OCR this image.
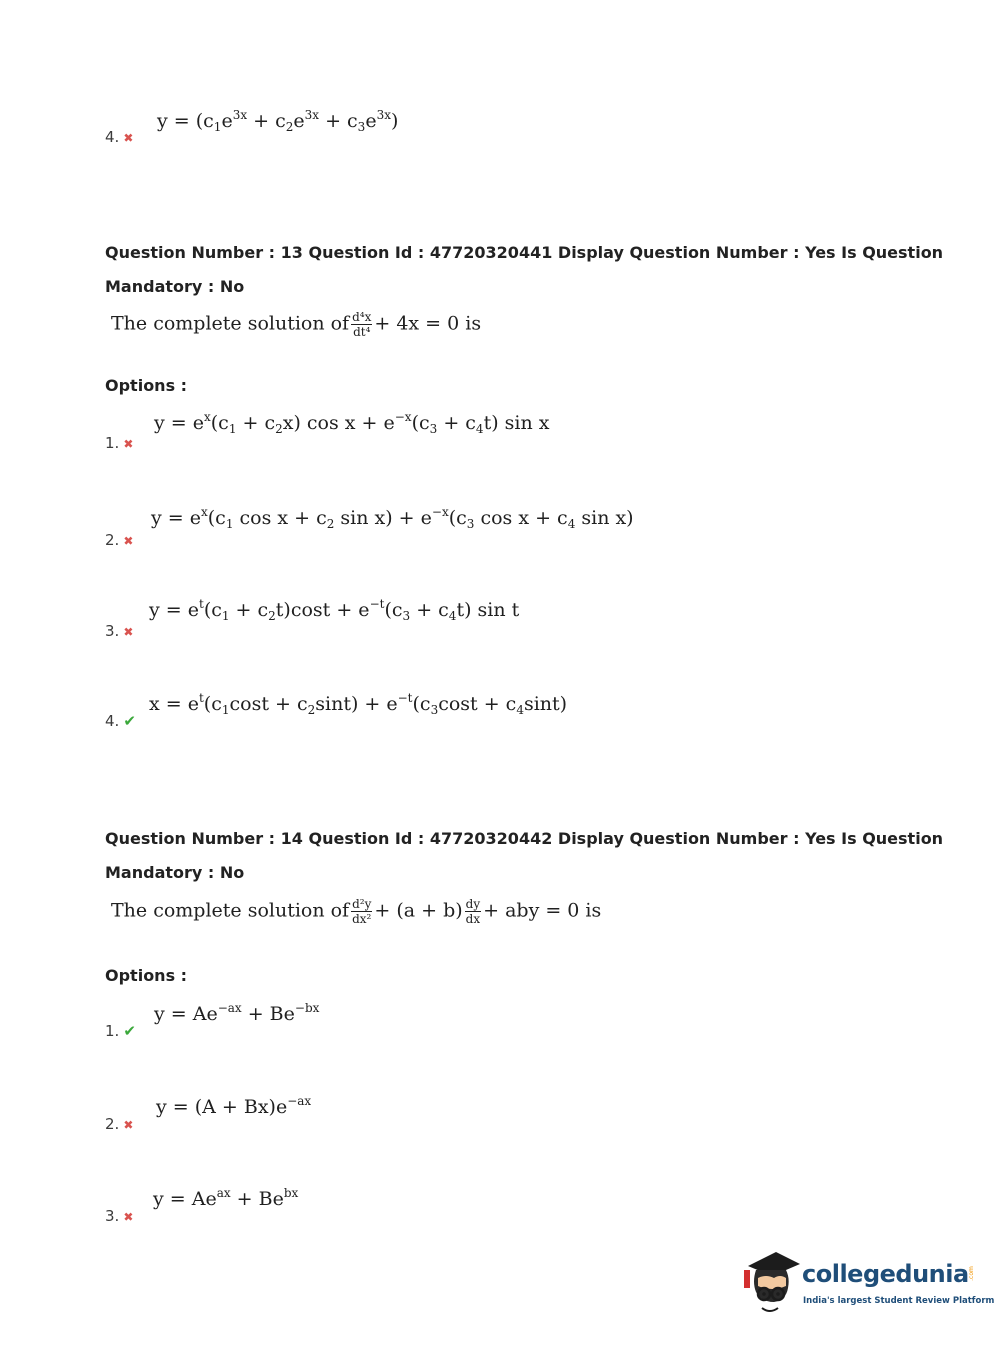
$y = (c_1e^{3x} + c_2e^{3x} + c_3e^{3x})$
4. ✖
Question Number : 13 Question Id : 47720320441 Display Question Number : Yes Is Question
Mandatory : No
The complete solution of $\frac{\text{d⁴x}}{\text{dt⁴}} + 4x = 0$ is
Options :
$y = e^x(c_1 + c_2x)$ $\cos x + e^{-x}(c_3 + c_4t)$ sin x
1. ✖
$y = e^x(c_1$ $\cos x + c_2$ $\sin x) + e^{-x}(c_3$ $\cos x + c_4$ sin x)
2. ✖
$y = e^t(c_1 + c_2t)\cos t + e^{-t}(c_3 + c_4t)$ sin t
3. ✖
$x = e^t(c_1\cos t + c_2\sin t) + e^{-t}(c_3\cos t + c_4\sin t)$
4. ✔
Question Number : 14 Question Id : 47720320442 Display Question Number : Yes Is Question
Mandatory : No
The complete solution of $\frac{\text{d²y}}{\text{dx²}} + (a + b) \frac{dy}{dx}$ + aby = 0 is
Options :
$y = Ae^{-ax} + Be^{-bx}$
1. ✔
$y = (A + Bx)e^{-ax}$
2. ✖
$y = Ae^{ax} + Be^{bx}$
3. ✖
collegedunia .com
India's largest Student Review Platform
